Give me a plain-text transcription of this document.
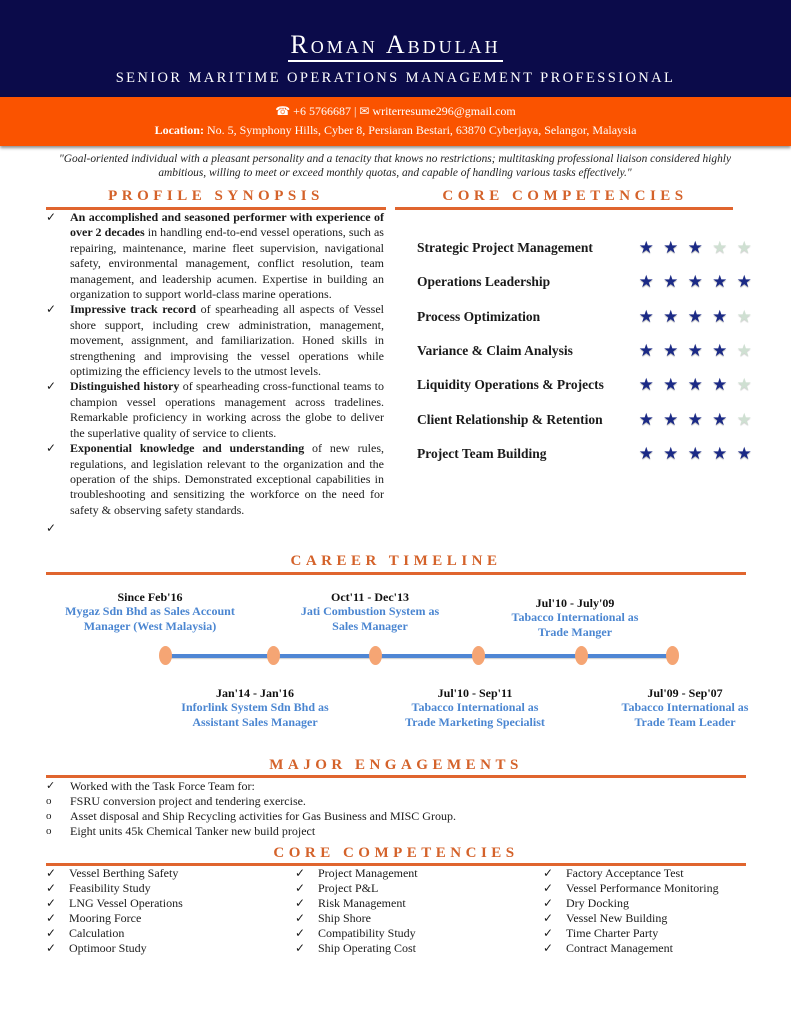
Roman Abdulah
SENIOR MARITIME OPERATIONS MANAGEMENT PROFESSIONAL
☎ +6 5766687 | ✉ writerresume296@gmail.com
Location: No. 5, Symphony Hills, Cyber 8, Persiaran Bestari, 63870 Cyberjaya, Selangor, Malaysia
"Goal-oriented individual with a pleasant personality and a tenacity that knows no restrictions; multitasking professional liaison considered highly ambitious, willing to meet or exceed monthly quotas, and capable of handling various tasks effectively."
PROFILE SYNOPSIS
✓ An accomplished and seasoned performer with experience of over 2 decades in handling end-to-end vessel operations, such as repairing, maintenance, marine fleet supervision, navigational safety, environmental management, conflict resolution, team management, and leadership acumen. Expertise in building an organization to support world-class marine operations.
✓ Impressive track record of spearheading all aspects of Vessel shore support, including crew administration, management, movement, assignment, and familiarization. Honed skills in strengthening and improvising the vessel operations while optimizing the efficiency levels to the utmost levels.
✓ Distinguished history of spearheading cross-functional teams to champion vessel operations management across tradelines. Remarkable proficiency in working across the globe to deliver the superlative quality of service to clients.
✓ Exponential knowledge and understanding of new rules, regulations, and legislation relevant to the organization and the operation of the ships. Demonstrated exceptional capabilities in troubleshooting and sensitizing the workforce on the need for safety & observing safety standards.
✓
CORE COMPETENCIES
Strategic Project Management	★ ★ ★ ★ ★
Operations Leadership	★ ★ ★ ★ ★
Process Optimization	★ ★ ★ ★ ★
Variance & Claim Analysis	★ ★ ★ ★ ★
Liquidity Operations & Projects ★ ★ ★ ★ ★
Client Relationship & Retention ★ ★ ★ ★ ★
Project Team Building	★ ★ ★ ★ ★
CAREER TIMELINE
Since Feb'16
Mygaz Sdn Bhd as Sales Account Manager (West Malaysia)
Oct'11 - Dec'13
Jati Combustion System as Sales Manager
Jul'10 - July'09
Tabacco International as Trade Manger
Jan'14 - Jan'16
Inforlink System Sdn Bhd as Assistant Sales Manager
Jul'10 - Sep'11
Tabacco International as Trade Marketing Specialist
Jul'09 - Sep'07
Tabacco International as Trade Team Leader
MAJOR ENGAGEMENTS
✓ Worked with the Task Force Team for:
o FSRU conversion project and tendering exercise.
o Asset disposal and Ship Recycling activities for Gas Business and MISC Group.
o Eight units 45k Chemical Tanker new build project
CORE COMPETENCIES
✓ Vessel Berthing Safety
✓ Feasibility Study
✓ LNG Vessel Operations
✓ Mooring Force
✓ Calculation
✓ Optimoor Study
✓ Project Management
✓ Project P&L
✓ Risk Management
✓ Ship Shore
✓ Compatibility Study
✓ Ship Operating Cost
✓ Factory Acceptance Test
✓ Vessel Performance Monitoring
✓ Dry Docking
✓ Vessel New Building
✓ Time Charter Party
✓ Contract Management
